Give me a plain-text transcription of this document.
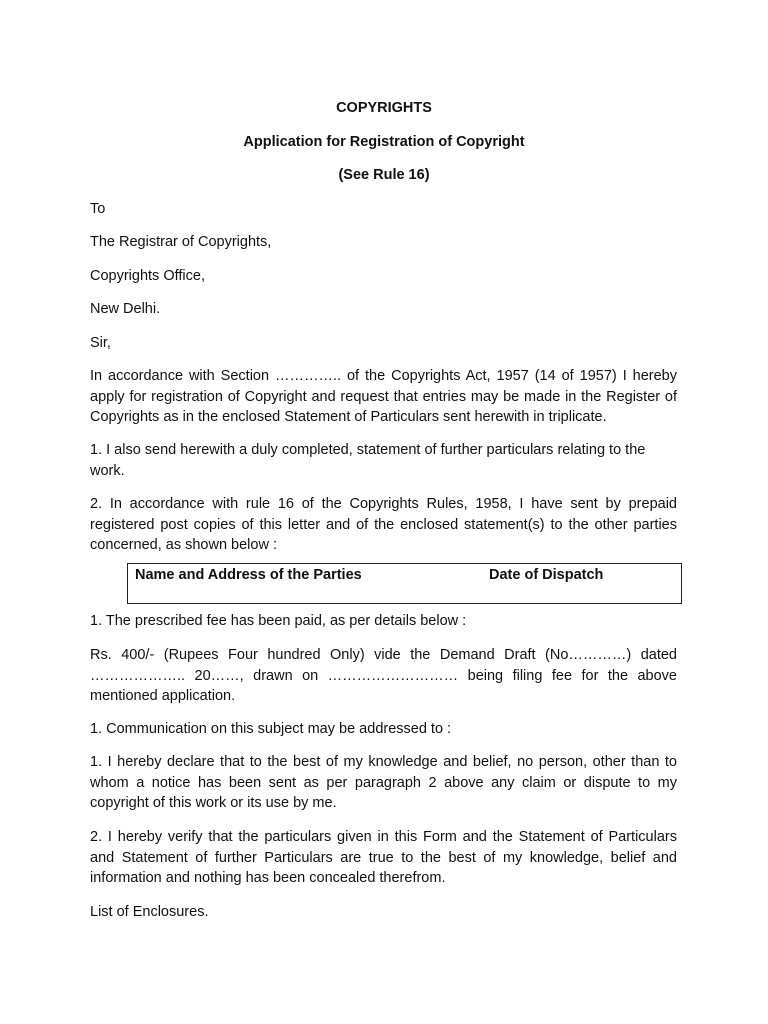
COPYRIGHTS
Application for Registration of Copyright
(See Rule 16)
To
The Registrar of Copyrights,
Copyrights Office,
New Delhi.
Sir,

In accordance with Section ………….. of the Copyrights Act, 1957 (14 of 1957) I hereby apply for registration of Copyright and request that entries may be made in the Register of Copyrights as in the enclosed Statement of Particulars sent herewith in triplicate.

1. I also send herewith a duly completed, statement of further particulars relating to the work.

2. In accordance with rule 16 of the Copyrights Rules, 1958, I have sent by prepaid registered post copies of this letter and of the enclosed statement(s) to the other parties concerned, as shown below :

Name and Address of the Parties	Date of Dispatch

1. The prescribed fee has been paid, as per details below :

Rs. 400/- (Rupees Four hundred Only) vide the Demand Draft (No…………) dated ……………….. 20……, drawn on ……………………… being filing fee for the above mentioned application.

1. Communication on this subject may be addressed to :

1. I hereby declare that to the best of my knowledge and belief, no person, other than to whom a notice has been sent as per paragraph 2 above any claim or dispute to my copyright of this work or its use by me.

2. I hereby verify that the particulars given in this Form and the Statement of Particulars and Statement of further Particulars are true to the best of my knowledge, belief and information and nothing has been concealed therefrom.

List of Enclosures.
